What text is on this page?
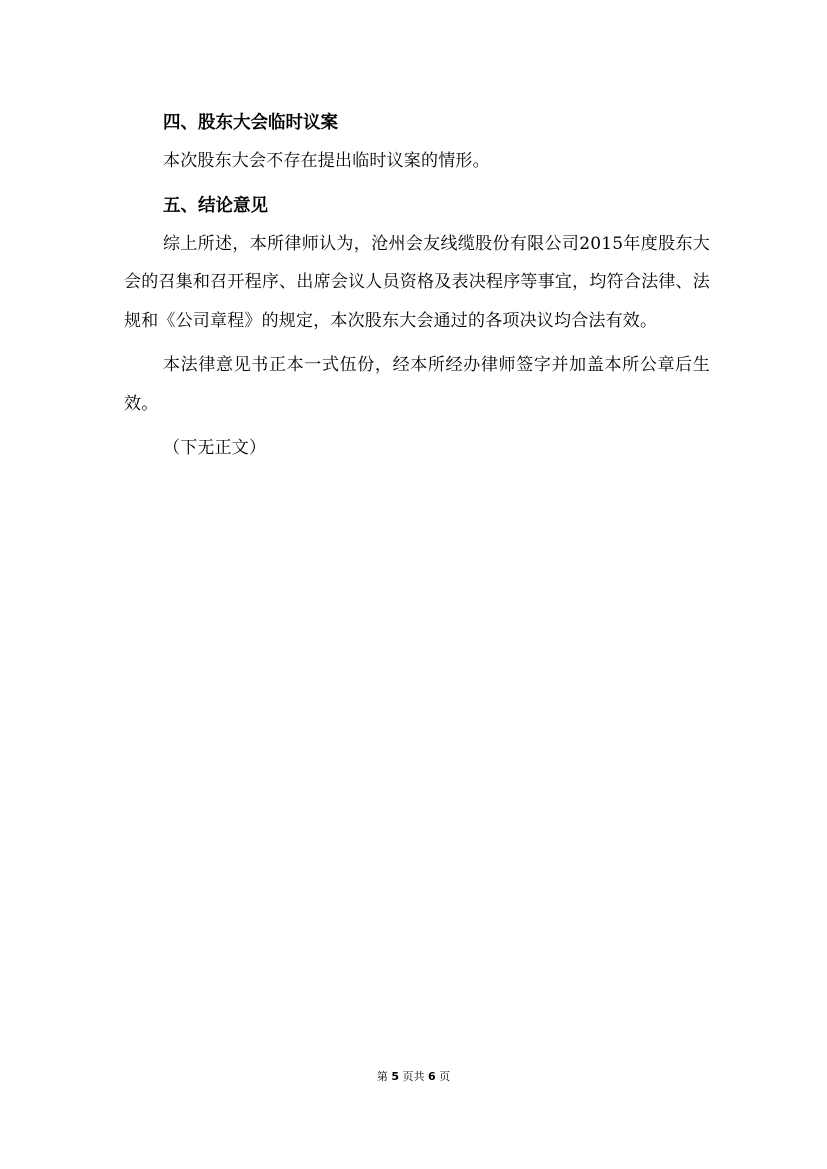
四、股东大会临时议案

本次股东大会不存在提出临时议案的情形。

五、结论意见

综上所述，本所律师认为，沧州会友线缆股份有限公司2015年度股东大会的召集和召开程序、出席会议人员资格及表决程序等事宜，均符合法律、法规和《公司章程》的规定，本次股东大会通过的各项决议均合法有效。

本法律意见书正本一式伍份，经本所经办律师签字并加盖本所公章后生效。

（下无正文）

第 5 页共 6 页
